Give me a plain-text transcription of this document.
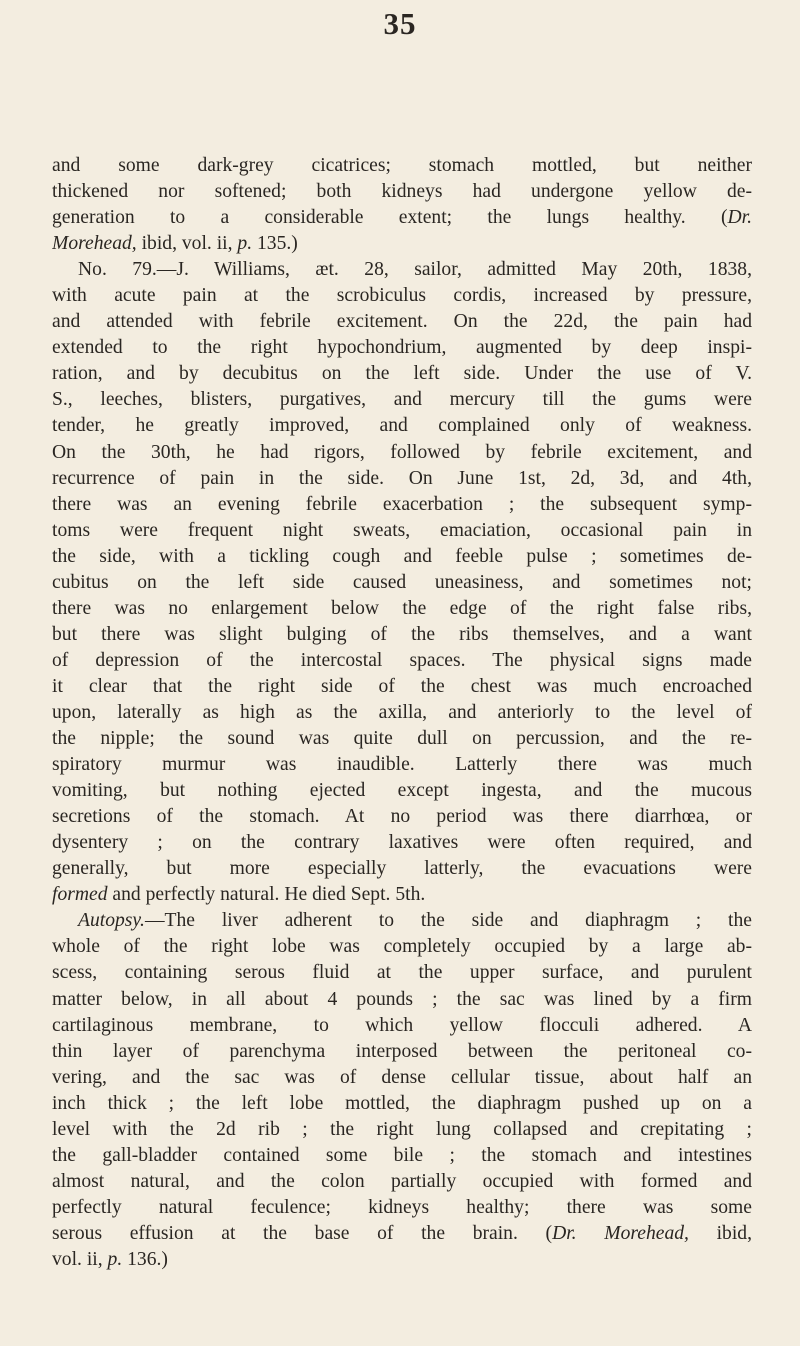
35
and some dark-grey cicatrices; stomach mottled, but neither
thickened nor softened; both kidneys had undergone yellow de-
generation to a considerable extent; the lungs healthy. (Dr.
Morehead, ibid, vol. ii, p. 135.)
No. 79.—J. Williams, æt. 28, sailor, admitted May 20th, 1838,
with acute pain at the scrobiculus cordis, increased by pressure,
and attended with febrile excitement. On the 22d, the pain had
extended to the right hypochondrium, augmented by deep inspi-
ration, and by decubitus on the left side. Under the use of V.
S., leeches, blisters, purgatives, and mercury till the gums were
tender, he greatly improved, and complained only of weakness.
On the 30th, he had rigors, followed by febrile excitement, and
recurrence of pain in the side. On June 1st, 2d, 3d, and 4th,
there was an evening febrile exacerbation ; the subsequent symp-
toms were frequent night sweats, emaciation, occasional pain in
the side, with a tickling cough and feeble pulse ; sometimes de-
cubitus on the left side caused uneasiness, and sometimes not;
there was no enlargement below the edge of the right false ribs,
but there was slight bulging of the ribs themselves, and a want
of depression of the intercostal spaces. The physical signs made
it clear that the right side of the chest was much encroached
upon, laterally as high as the axilla, and anteriorly to the level of
the nipple; the sound was quite dull on percussion, and the re-
spiratory murmur was inaudible. Latterly there was much
vomiting, but nothing ejected except ingesta, and the mucous
secretions of the stomach. At no period was there diarrhœa, or
dysentery ; on the contrary laxatives were often required, and
generally, but more especially latterly, the evacuations were
formed and perfectly natural. He died Sept. 5th.
Autopsy.—The liver adherent to the side and diaphragm ; the
whole of the right lobe was completely occupied by a large ab-
scess, containing serous fluid at the upper surface, and purulent
matter below, in all about 4 pounds ; the sac was lined by a firm
cartilaginous membrane, to which yellow flocculi adhered. A
thin layer of parenchyma interposed between the peritoneal co-
vering, and the sac was of dense cellular tissue, about half an
inch thick ; the left lobe mottled, the diaphragm pushed up on a
level with the 2d rib ; the right lung collapsed and crepitating ;
the gall-bladder contained some bile ; the stomach and intestines
almost natural, and the colon partially occupied with formed and
perfectly natural feculence; kidneys healthy; there was some
serous effusion at the base of the brain. (Dr. Morehead, ibid,
vol. ii, p. 136.)
